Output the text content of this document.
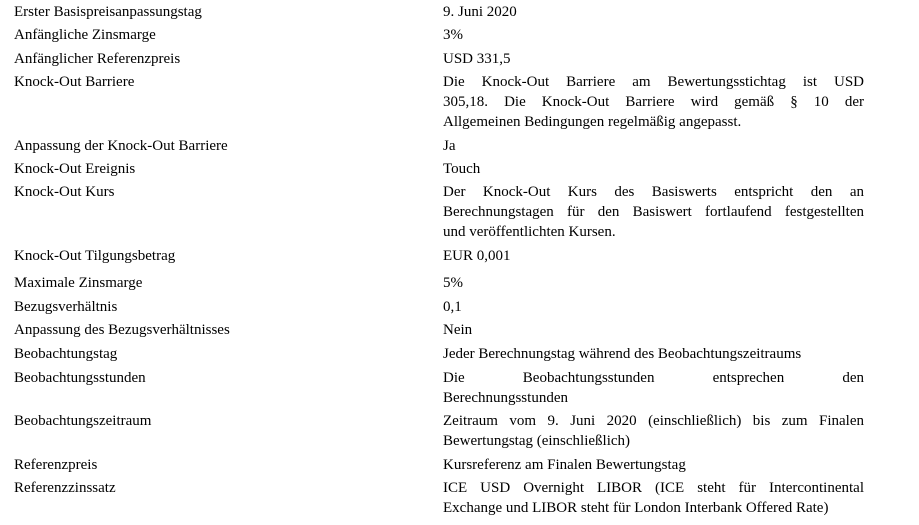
Erster Basispreisanpassungstag	9. Juni 2020
Anfängliche Zinsmarge	3%
Anfänglicher Referenzpreis	USD 331,5
Knock-Out Barriere	Die Knock-Out Barriere am Bewertungsstichtag ist USD
305,18. Die Knock-Out Barriere wird gemäß § 10 der
Allgemeinen Bedingungen regelmäßig angepasst.
Anpassung der Knock-Out Barriere	Ja
Knock-Out Ereignis	Touch
Knock-Out Kurs	Der Knock-Out Kurs des Basiswerts entspricht den an
Berechnungstagen für den Basiswert fortlaufend festgestellten
und veröffentlichten Kursen.
Knock-Out Tilgungsbetrag	EUR 0,001
Maximale Zinsmarge	5%
Bezugsverhältnis	0,1
Anpassung des Bezugsverhältnisses	Nein
Beobachtungstag	Jeder Berechnungstag während des Beobachtungszeitraums
Beobachtungsstunden	Die Beobachtungsstunden entsprechen den
Berechnungsstunden
Beobachtungszeitraum	Zeitraum vom 9. Juni 2020 (einschließlich) bis zum Finalen
Bewertungstag (einschließlich)
Referenzpreis	Kursreferenz am Finalen Bewertungstag
Referenzzinssatz	ICE USD Overnight LIBOR (ICE steht für Intercontinental
Exchange und LIBOR steht für London Interbank Offered Rate)
